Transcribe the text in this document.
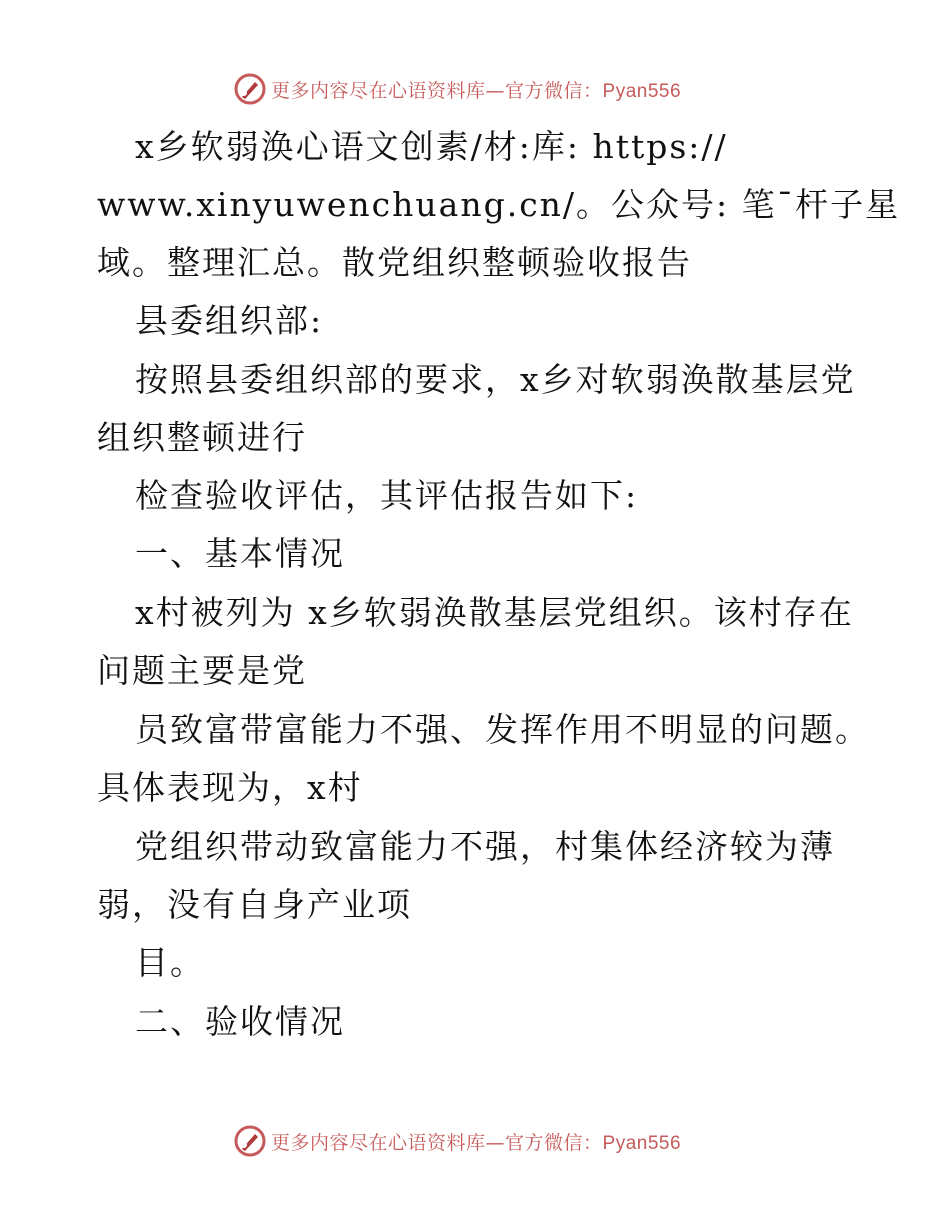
更多内容尽在心语资料库—官方微信：Pyan556
x乡软弱涣心语文创素/材:库: https://
www.xinyuwenchuang.cn/。公众号: 笔¯杆子星
域。整理汇总。散党组织整顿验收报告
县委组织部:
按照县委组织部的要求，x乡对软弱涣散基层党
组织整顿进行
检查验收评估，其评估报告如下:
一、基本情况
x村被列为 x乡软弱涣散基层党组织。该村存在
问题主要是党
员致富带富能力不强、发挥作用不明显的问题。
具体表现为，x村
党组织带动致富能力不强，村集体经济较为薄
弱，没有自身产业项
目。
二、验收情况
更多内容尽在心语资料库—官方微信：Pyan556
